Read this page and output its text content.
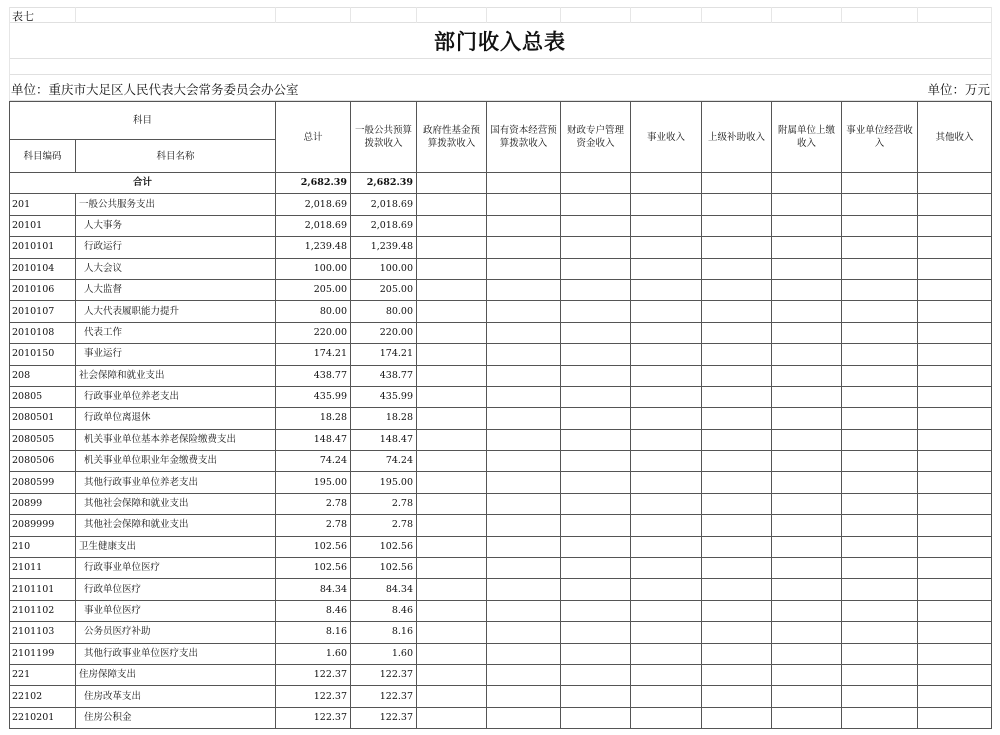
表七
部门收入总表
单位：重庆市大足区人民代表大会常务委员会办公室	单位：万元
科目		总计	一般公共预算拨款收入	政府性基金预算拨款收入	国有资本经营预算拨款收入	财政专户管理资金收入	事业收入	上级补助收入	附属单位上缴收入	事业单位经营收入	其他收入
科目编码	科目名称										
合计		2,682.39	2,682.39								
201	一般公共服务支出	2,018.69	2,018.69								
20101	人大事务	2,018.69	2,018.69								
2010101	行政运行	1,239.48	1,239.48								
2010104	人大会议	100.00	100.00								
2010106	人大监督	205.00	205.00								
2010107	人大代表履职能力提升	80.00	80.00								
2010108	代表工作	220.00	220.00								
2010150	事业运行	174.21	174.21								
208	社会保障和就业支出	438.77	438.77								
20805	行政事业单位养老支出	435.99	435.99								
2080501	行政单位离退休	18.28	18.28								
2080505	机关事业单位基本养老保险缴费支出	148.47	148.47								
2080506	机关事业单位职业年金缴费支出	74.24	74.24								
2080599	其他行政事业单位养老支出	195.00	195.00								
20899	其他社会保障和就业支出	2.78	2.78								
2089999	其他社会保障和就业支出	2.78	2.78								
210	卫生健康支出	102.56	102.56								
21011	行政事业单位医疗	102.56	102.56								
2101101	行政单位医疗	84.34	84.34								
2101102	事业单位医疗	8.46	8.46								
2101103	公务员医疗补助	8.16	8.16								
2101199	其他行政事业单位医疗支出	1.60	1.60								
221	住房保障支出	122.37	122.37								
22102	住房改革支出	122.37	122.37								
2210201	住房公积金	122.37	122.37								
